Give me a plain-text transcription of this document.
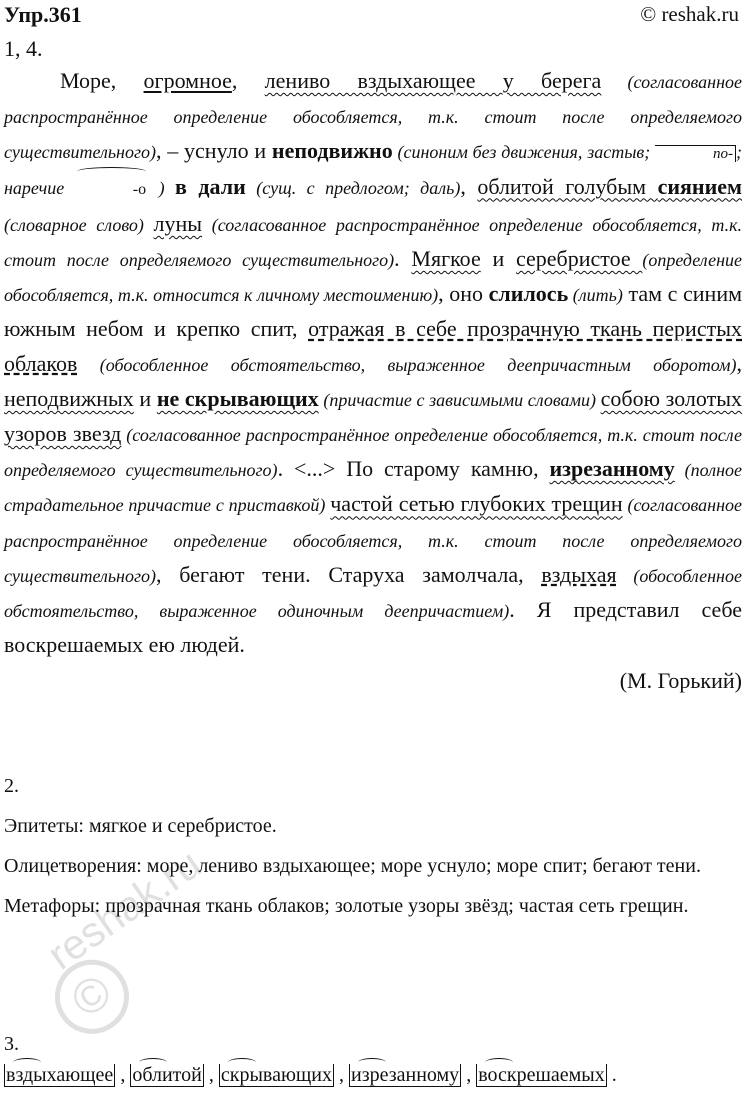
Упр.361	© reshak.ru
1, 4.

Море, огромное, лениво вздыхающее у берега (согласованное распространённое определение обособляется, т.к. стоит после определяемого существительного), – уснуло и неподвижно (синоним без движения, застыв;	по- ; наречие	-о ) в дали (сущ. с предлогом; даль), облитой голубым сиянием (словарное слово) луны (согласованное распространённое определение обособляется, т.к. стоит после определяемого существительного). Мягкое и серебристое (определение обособляется, т.к. относится к личному местоимению), оно слилось (лить) там с синим южным небом и крепко спит, отражая в себе прозрачную ткань перистых облаков (обособленное обстоятельство, выраженное деепричастным оборотом), неподвижных и не скрывающих (причастие с зависимыми словами) собою золотых узоров звезд (согласованное распространённое определение обособляется, т.к. стоит после определяемого существительного). <...> По старому камню, изрезанному (полное страдательное причастие с приставкой) частой сетью глубоких трещин (согласованное распространённое определение обособляется, т.к. стоит после определяемого существительного), бегают тени. Старуха замолчала, вздыхая (обособленное обстоятельство, выраженное одиночным деепричастием). Я представил себе воскрешаемых ею людей.

(М. Горький)
2.

Эпитеты: мягкое и серебристое.

Олицетворения: море, лениво вздыхающее; море уснуло; море спит; бегают тени.

Метафоры: прозрачная ткань облаков; золотые узоры звёзд; частая сеть грещин.

3.
вздыхающее , облитой , скрывающих , изрезанному , воскрешаемых .
reshak.ru
©
